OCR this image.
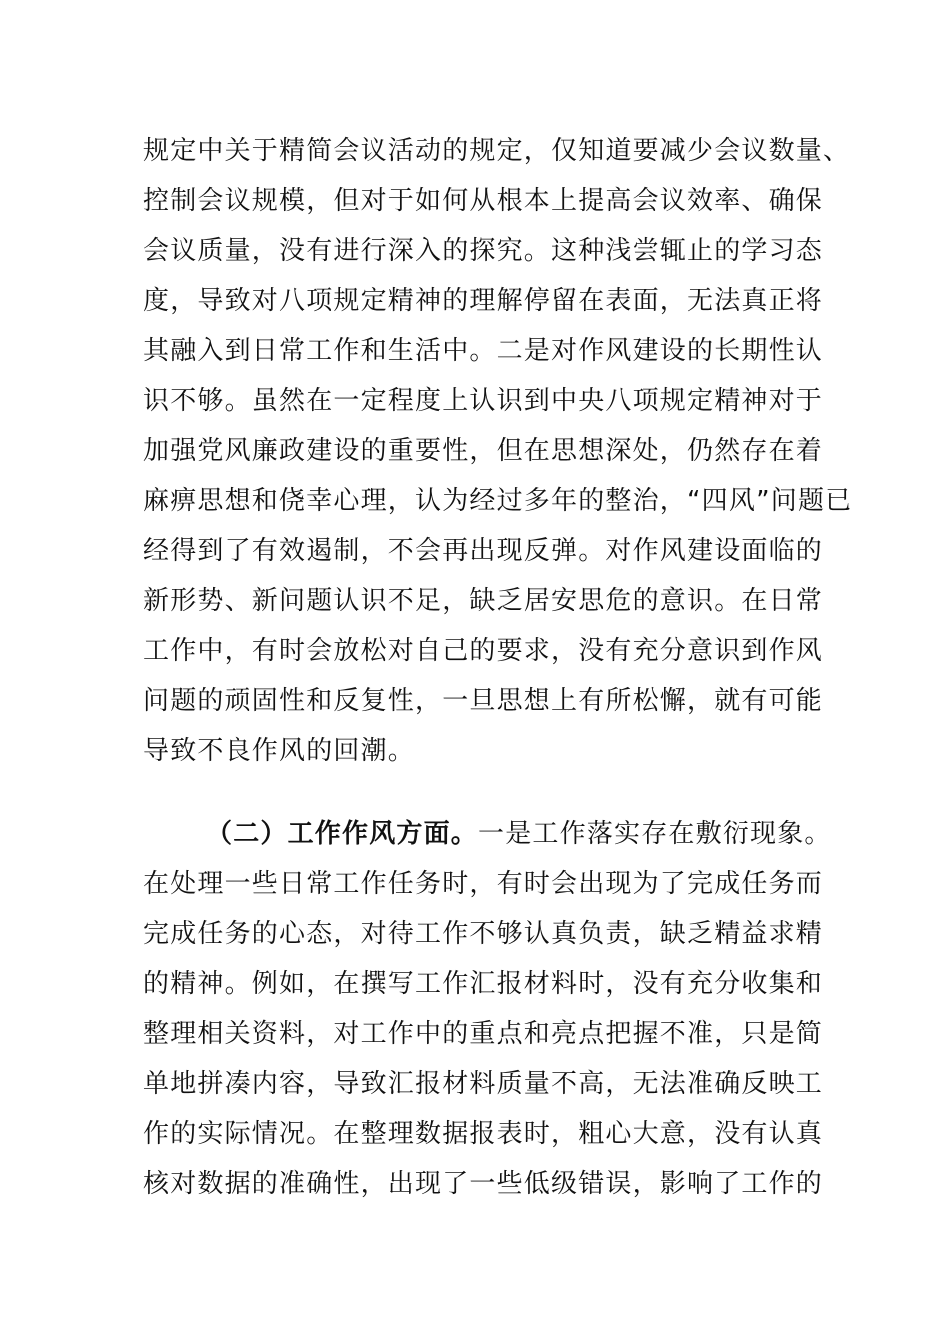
规定中关于精简会议活动的规定，仅知道要减少会议数量、
控制会议规模，但对于如何从根本上提高会议效率、确保
会议质量，没有进行深入的探究。这种浅尝辄止的学习态
度，导致对八项规定精神的理解停留在表面，无法真正将
其融入到日常工作和生活中。二是对作风建设的长期性认
识不够。虽然在一定程度上认识到中央八项规定精神对于
加强党风廉政建设的重要性，但在思想深处，仍然存在着
麻痹思想和侥幸心理，认为经过多年的整治，“四风”问题已
经得到了有效遏制，不会再出现反弹。对作风建设面临的
新形势、新问题认识不足，缺乏居安思危的意识。在日常
工作中，有时会放松对自己的要求，没有充分意识到作风
问题的顽固性和反复性，一旦思想上有所松懈，就有可能
导致不良作风的回潮。
（二）工作作风方面。一是工作落实存在敷衍现象。
在处理一些日常工作任务时，有时会出现为了完成任务而
完成任务的心态，对待工作不够认真负责，缺乏精益求精
的精神。例如，在撰写工作汇报材料时，没有充分收集和
整理相关资料，对工作中的重点和亮点把握不准，只是简
单地拼凑内容，导致汇报材料质量不高，无法准确反映工
作的实际情况。在整理数据报表时，粗心大意，没有认真
核对数据的准确性，出现了一些低级错误，影响了工作的
